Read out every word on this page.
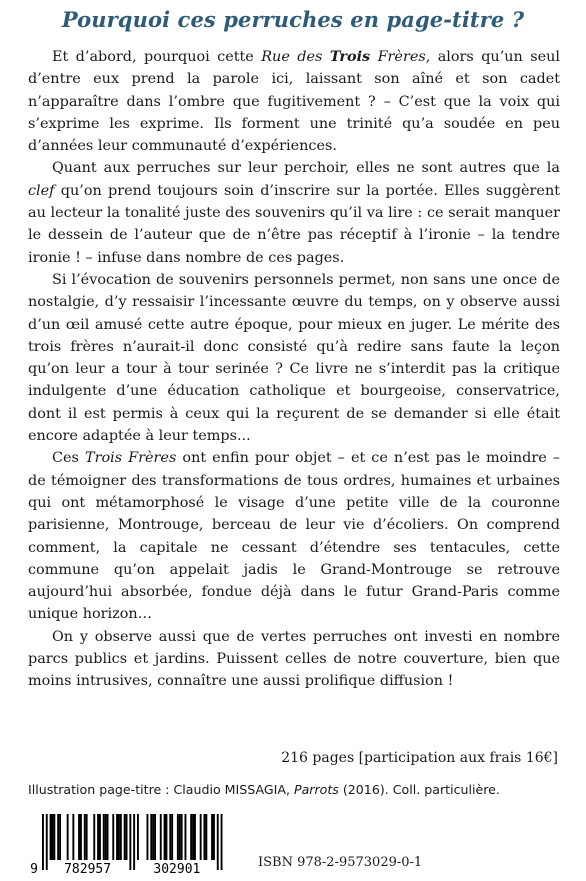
Pourquoi ces perruches en page-titre ?

Et d’abord, pourquoi cette Rue des Trois Frères, alors qu’un seul d’entre eux prend la parole ici, laissant son aîné et son cadet n’apparaître dans l’ombre que fugitivement ? – C’est que la voix qui s’exprime les exprime. Ils forment une trinité qu’a soudée en peu d’années leur communauté d’expériences.

Quant aux perruches sur leur perchoir, elles ne sont autres que la clef qu’on prend toujours soin d’inscrire sur la portée. Elles suggèrent au lecteur la tonalité juste des souvenirs qu’il va lire : ce serait manquer le dessein de l’auteur que de n’être pas réceptif à l’ironie – la tendre ironie ! – infuse dans nombre de ces pages.

Si l’évocation de souvenirs personnels permet, non sans une once de nostalgie, d’y ressaisir l’incessante œuvre du temps, on y observe aussi d’un œil amusé cette autre époque, pour mieux en juger. Le mérite des trois frères n’aurait-il donc consisté qu’à redire sans faute la leçon qu’on leur a tour à tour serinée ? Ce livre ne s’interdit pas la critique indulgente d’une éducation catholique et bourgeoise, conservatrice, dont il est permis à ceux qui la reçurent de se demander si elle était encore adaptée à leur temps...

Ces Trois Frères ont enfin pour objet – et ce n’est pas le moindre – de témoigner des transformations de tous ordres, humaines et urbaines qui ont métamorphosé le visage d’une petite ville de la couronne parisienne, Montrouge, berceau de leur vie d’écoliers. On comprend comment, la capitale ne cessant d’étendre ses tentacules, cette commune qu’on appelait jadis le Grand-Montrouge se retrouve aujourd’hui absorbée, fondue déjà dans le futur Grand-Paris comme unique horizon…

On y observe aussi que de vertes perruches ont investi en nombre parcs publics et jardins. Puissent celles de notre couverture, bien que moins intrusives, connaître une aussi prolifique diffusion !

216 pages [participation aux frais 16€]
Illustration page-titre : Claudio MISSAGIA, Parrots (2016). Coll. particulière.
9 782957	302901	ISBN 978-2-9573029-0-1
